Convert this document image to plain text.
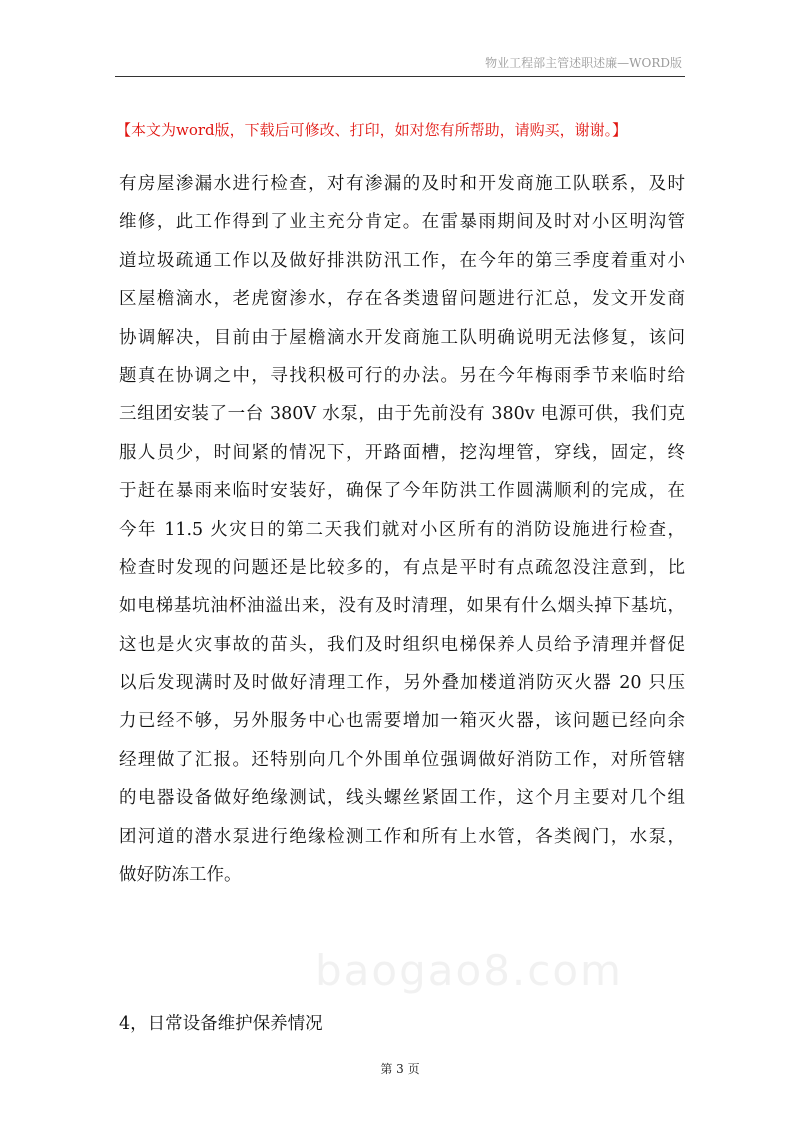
物业工程部主管述职述廉—WORD版
【本文为word版，下载后可修改、打印，如对您有所帮助，请购买，谢谢。】
有房屋渗漏水进行检查，对有渗漏的及时和开发商施工队联系，及时
维修，此工作得到了业主充分肯定。在雷暴雨期间及时对小区明沟管
道垃圾疏通工作以及做好排洪防汛工作，在今年的第三季度着重对小
区屋檐滴水，老虎窗渗水，存在各类遗留问题进行汇总，发文开发商
协调解决，目前由于屋檐滴水开发商施工队明确说明无法修复，该问
题真在协调之中，寻找积极可行的办法。另在今年梅雨季节来临时给
三组团安装了一台 380V 水泵，由于先前没有 380v 电源可供，我们克
服人员少，时间紧的情况下，开路面槽，挖沟埋管，穿线，固定，终
于赶在暴雨来临时安装好，确保了今年防洪工作圆满顺利的完成，在
今年 11.5 火灾日的第二天我们就对小区所有的消防设施进行检查，
检查时发现的问题还是比较多的，有点是平时有点疏忽没注意到，比
如电梯基坑油杯油溢出来，没有及时清理，如果有什么烟头掉下基坑，
这也是火灾事故的苗头，我们及时组织电梯保养人员给予清理并督促
以后发现满时及时做好清理工作，另外叠加楼道消防灭火器 20 只压
力已经不够，另外服务中心也需要增加一箱灭火器，该问题已经向余
经理做了汇报。还特别向几个外围单位强调做好消防工作，对所管辖
的电器设备做好绝缘测试，线头螺丝紧固工作，这个月主要对几个组
团河道的潜水泵进行绝缘检测工作和所有上水管，各类阀门，水泵，
做好防冻工作。
baogao8.com
4，日常设备维护保养情况
第 3 页
